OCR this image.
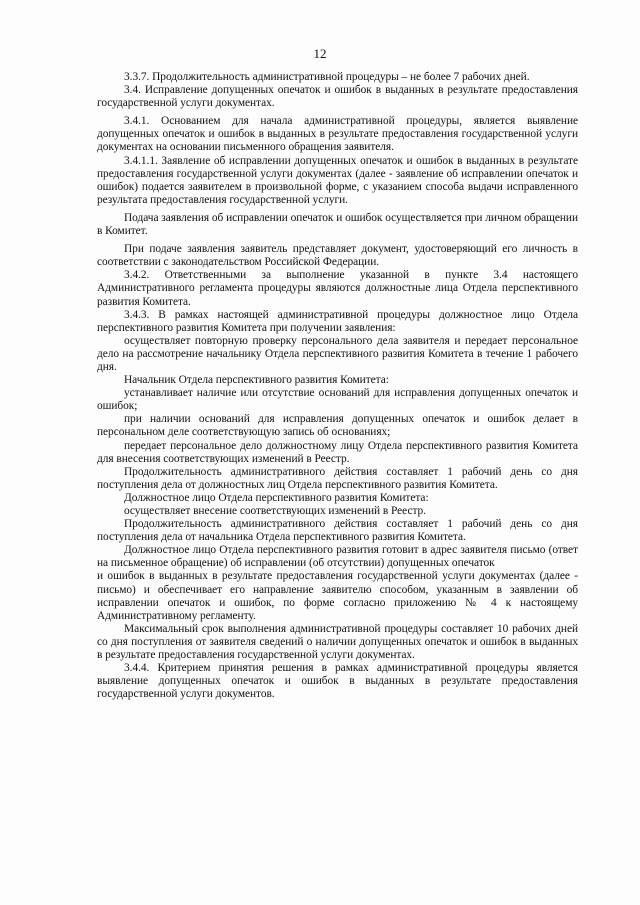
12

3.3.7. Продолжительность административной процедуры – не более 7 рабочих дней.

3.4. Исправление допущенных опечаток и ошибок в выданных в результате предоставления государственной услуги документах.

3.4.1. Основанием для начала административной процедуры, является выявление допущенных опечаток и ошибок в выданных в результате предоставления государственной услуги документах на основании письменного обращения заявителя.

3.4.1.1. Заявление об исправлении допущенных опечаток и ошибок в выданных в результате предоставления государственной услуги документах (далее - заявление об исправлении опечаток и ошибок) подается заявителем в произвольной форме, с указанием способа выдачи исправленного результата предоставления государственной услуги.

Подача заявления об исправлении опечаток и ошибок осуществляется при личном обращении в Комитет.

При подаче заявления заявитель представляет документ, удостоверяющий его личность в соответствии с законодательством Российской Федерации.

3.4.2. Ответственными за выполнение указанной в пункте 3.4 настоящего Административного регламента процедуры являются должностные лица Отдела перспективного развития Комитета.

3.4.3. В рамках настоящей административной процедуры должностное лицо Отдела перспективного развития Комитета при получении заявления:

осуществляет повторную проверку персонального дела заявителя и передает персональное дело на рассмотрение начальнику Отдела перспективного развития Комитета в течение 1 рабочего дня.

Начальник Отдела перспективного развития Комитета:

устанавливает наличие или отсутствие оснований для исправления допущенных опечаток и ошибок;

при наличии оснований для исправления допущенных опечаток и ошибок делает в персональном деле соответствующую запись об основаниях;

передает персональное дело должностному лицу Отдела перспективного развития Комитета для внесения соответствующих изменений в Реестр.

Продолжительность административного действия составляет 1 рабочий день со дня поступления дела от должностных лиц Отдела перспективного развития Комитета.

Должностное лицо Отдела перспективного развития Комитета:

осуществляет внесение соответствующих изменений в Реестр.

Продолжительность административного действия составляет 1 рабочий день со дня поступления дела от начальника Отдела перспективного развития Комитета.

Должностное лицо Отдела перспективного развития готовит в адрес заявителя письмо (ответ на письменное обращение) об исправлении (об отсутствии) допущенных опечаток

и ошибок в выданных в результате предоставления государственной услуги документах (далее - письмо) и обеспечивает его направление заявителю способом, указанным в заявлении об исправлении опечаток и ошибок, по форме согласно приложению № 4 к настоящему Административному регламенту.

Максимальный срок выполнения административной процедуры составляет 10 рабочих дней со дня поступления от заявителя сведений о наличии допущенных опечаток и ошибок в выданных в результате предоставления государственной услуги документах.

3.4.4. Критерием принятия решения в рамках административной процедуры является выявление допущенных опечаток и ошибок в выданных в результате предоставления государственной услуги документов.
